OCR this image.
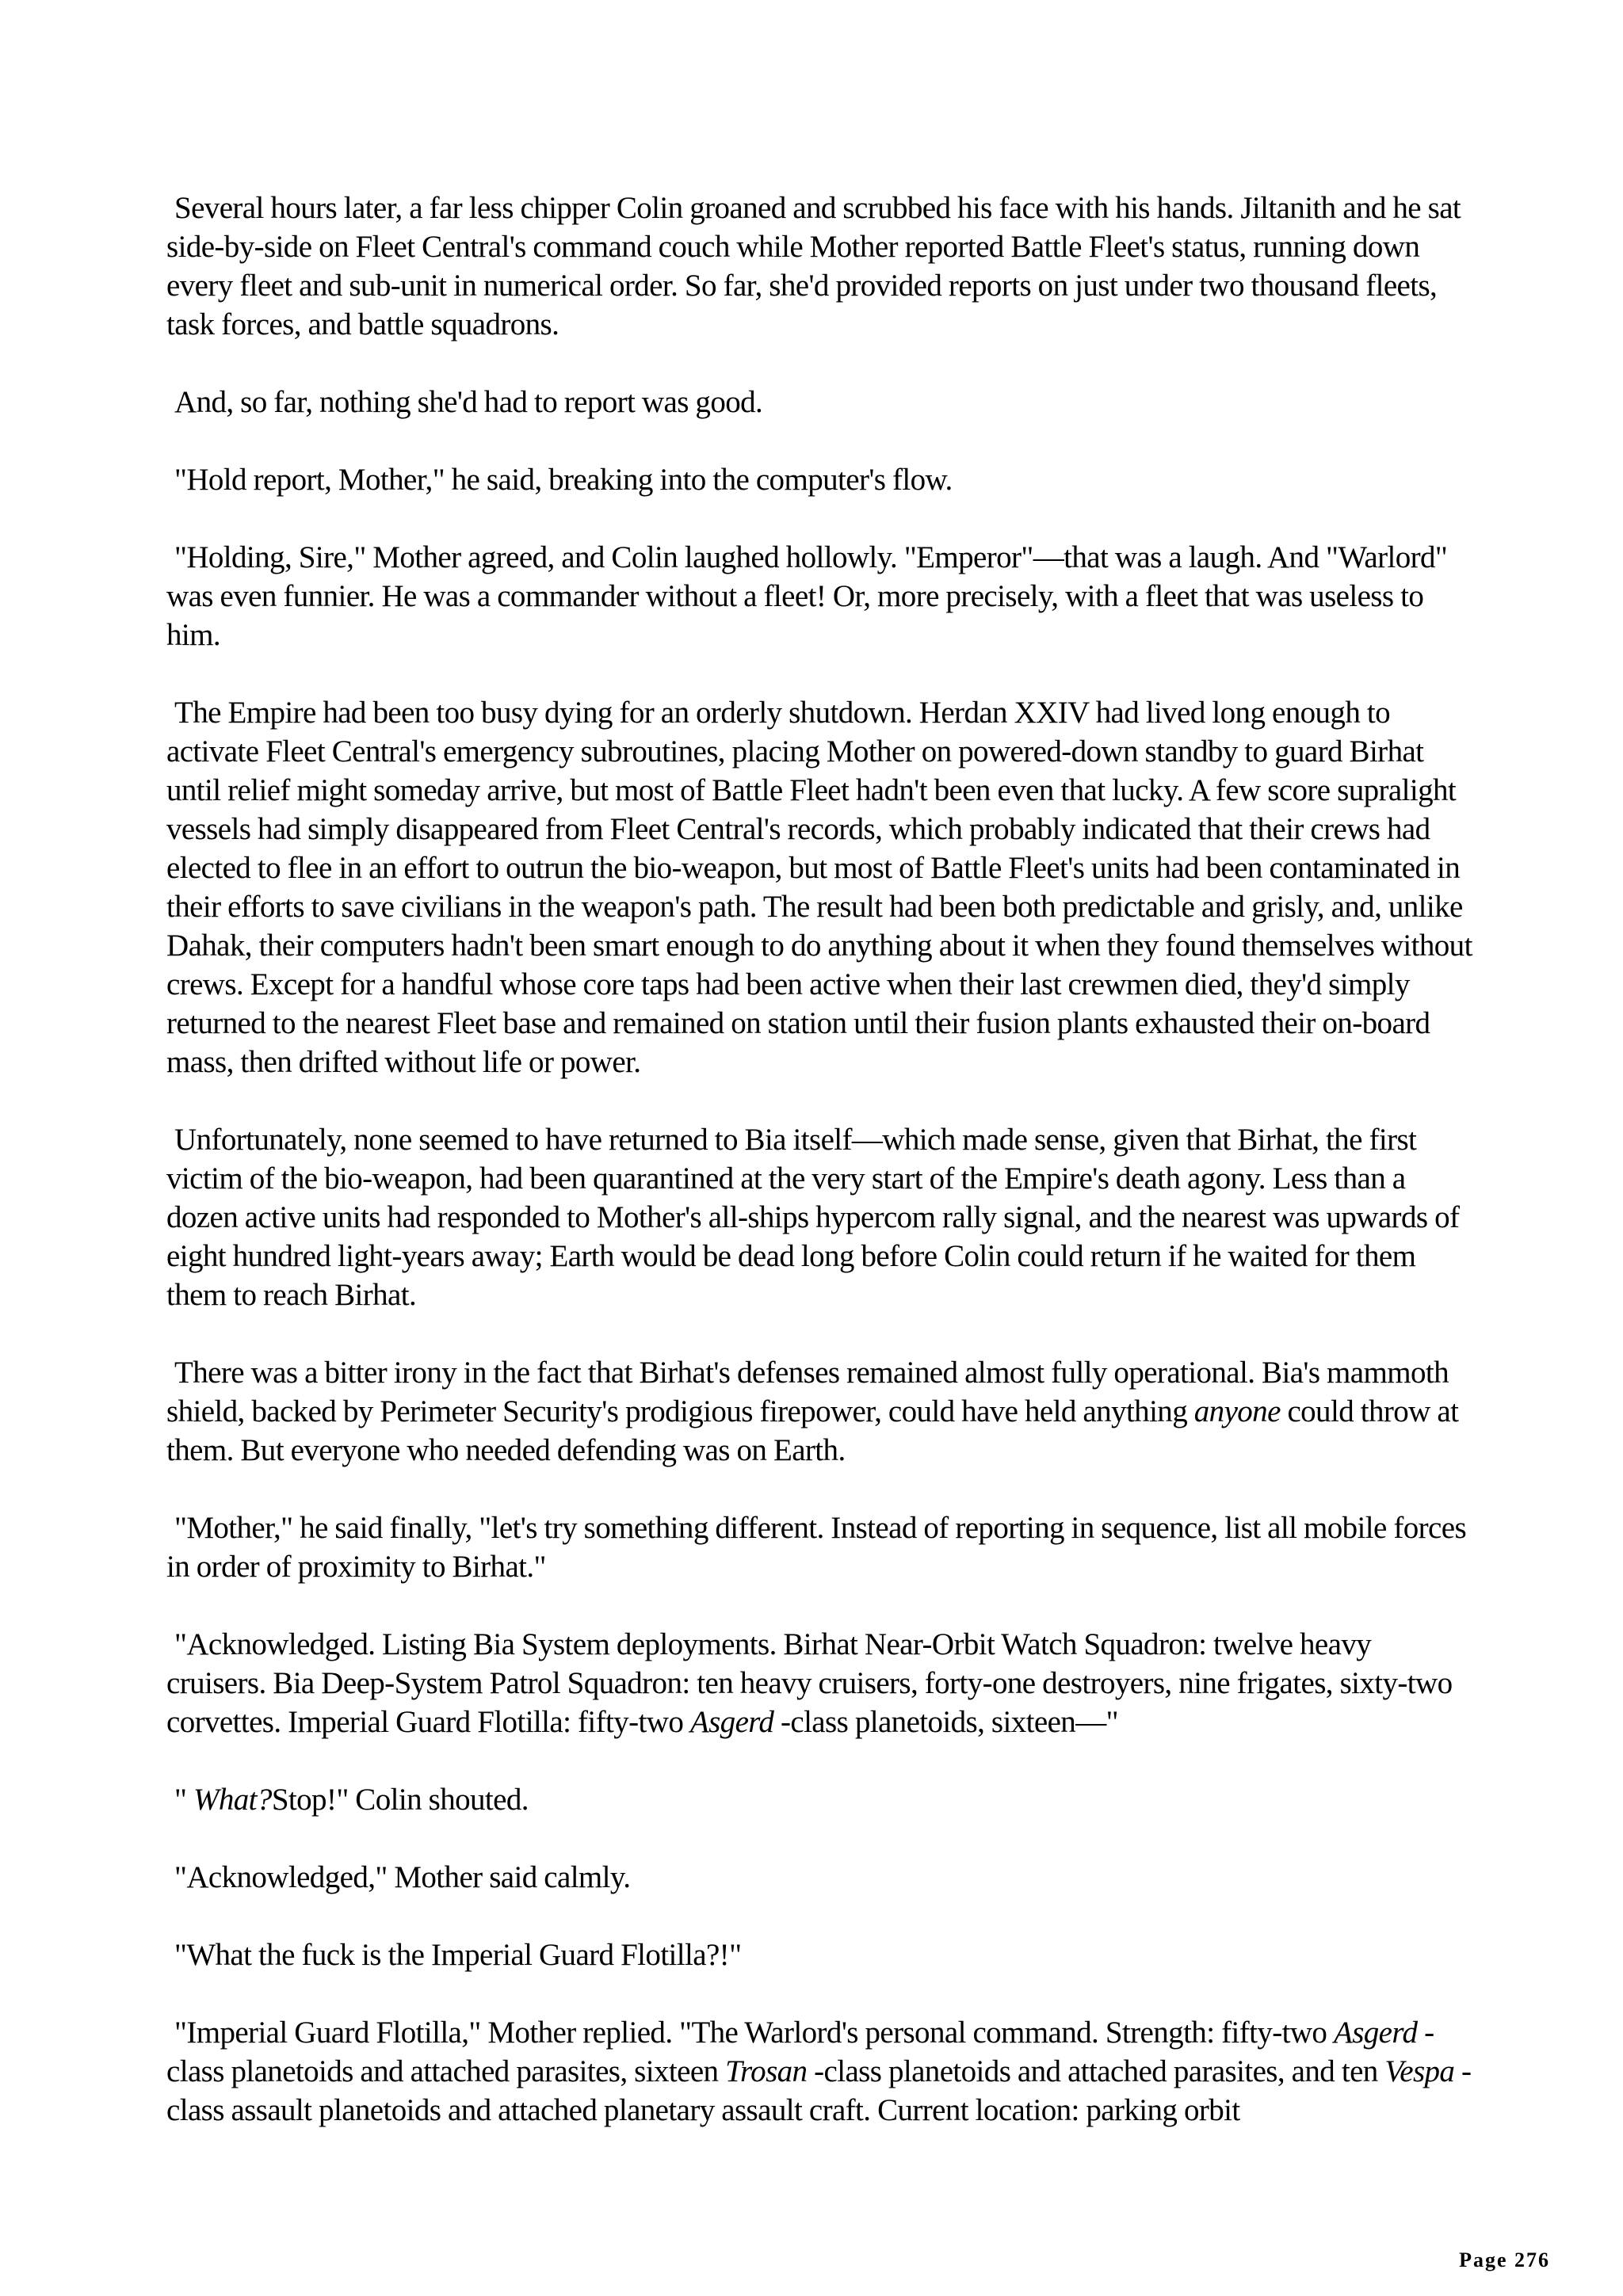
Several hours later, a far less chipper Colin groaned and scrubbed his face with his hands. Jiltanith and he sat side-by-side on Fleet Central's command couch while Mother reported Battle Fleet's status, running down every fleet and sub-unit in numerical order. So far, she'd provided reports on just under two thousand fleets, task forces, and battle squadrons.

And, so far, nothing she'd had to report was good.

"Hold report, Mother," he said, breaking into the computer's flow.

"Holding, Sire," Mother agreed, and Colin laughed hollowly. "Emperor"—that was a laugh. And "Warlord" was even funnier. He was a commander without a fleet! Or, more precisely, with a fleet that was useless to him.

The Empire had been too busy dying for an orderly shutdown. Herdan XXIV had lived long enough to activate Fleet Central's emergency subroutines, placing Mother on powered-down standby to guard Birhat until relief might someday arrive, but most of Battle Fleet hadn't been even that lucky. A few score supralight vessels had simply disappeared from Fleet Central's records, which probably indicated that their crews had elected to flee in an effort to outrun the bio-weapon, but most of Battle Fleet's units had been contaminated in their efforts to save civilians in the weapon's path. The result had been both predictable and grisly, and, unlike Dahak, their computers hadn't been smart enough to do anything about it when they found themselves without crews. Except for a handful whose core taps had been active when their last crewmen died, they'd simply returned to the nearest Fleet base and remained on station until their fusion plants exhausted their on-board mass, then drifted without life or power.

Unfortunately, none seemed to have returned to Bia itself—which made sense, given that Birhat, the first victim of the bio-weapon, had been quarantined at the very start of the Empire's death agony. Less than a dozen active units had responded to Mother's all-ships hypercom rally signal, and the nearest was upwards of eight hundred light-years away; Earth would be dead long before Colin could return if he waited for them them to reach Birhat.

There was a bitter irony in the fact that Birhat's defenses remained almost fully operational. Bia's mammoth shield, backed by Perimeter Security's prodigious firepower, could have held anything anyone could throw at them. But everyone who needed defending was on Earth.

"Mother," he said finally, "let's try something different. Instead of reporting in sequence, list all mobile forces in order of proximity to Birhat."

"Acknowledged. Listing Bia System deployments. Birhat Near-Orbit Watch Squadron: twelve heavy cruisers. Bia Deep-System Patrol Squadron: ten heavy cruisers, forty-one destroyers, nine frigates, sixty-two corvettes. Imperial Guard Flotilla: fifty-two Asgerd -class planetoids, sixteen—"

" What?Stop!" Colin shouted.

"Acknowledged," Mother said calmly.

"What the fuck is the Imperial Guard Flotilla?!"

"Imperial Guard Flotilla," Mother replied. "The Warlord's personal command. Strength: fifty-two Asgerd -class planetoids and attached parasites, sixteen Trosan -class planetoids and attached parasites, and ten Vespa -class assault planetoids and attached planetary assault craft. Current location: parking orbit

Page 276
